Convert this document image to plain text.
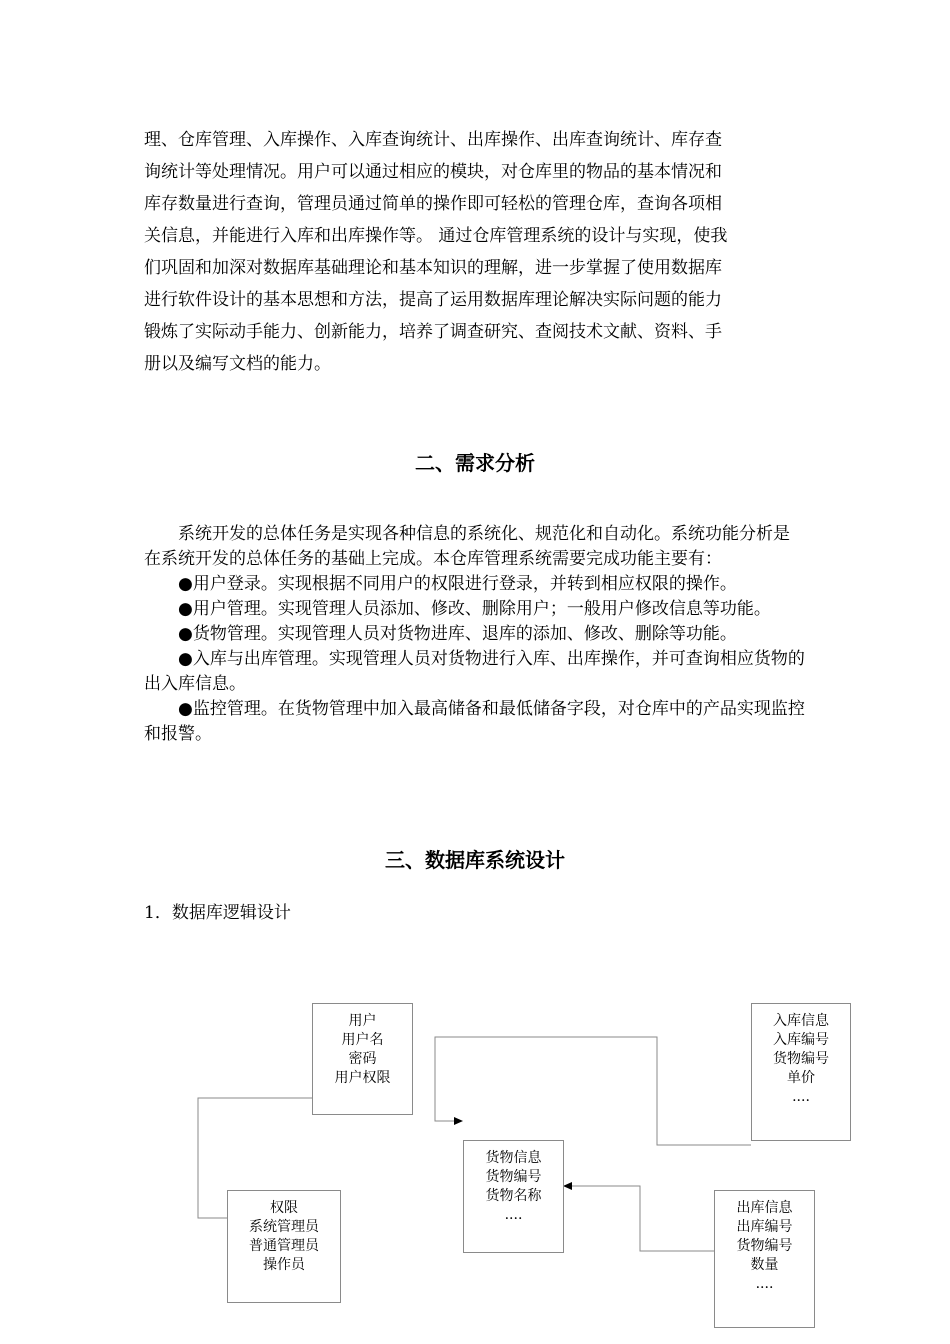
理、仓库管理、入库操作、入库查询统计、出库操作、出库查询统计、库存查
询统计等处理情况。用户可以通过相应的模块，对仓库里的物品的基本情况和
库存数量进行查询，管理员通过简单的操作即可轻松的管理仓库，查询各项相
关信息，并能进行入库和出库操作等。 通过仓库管理系统的设计与实现，使我
们巩固和加深对数据库基础理论和基本知识的理解，进一步掌握了使用数据库
进行软件设计的基本思想和方法，提高了运用数据库理论解决实际问题的能力
锻炼了实际动手能力、创新能力，培养了调查研究、查阅技术文献、资料、手
册以及编写文档的能力。
二、需求分析

系统开发的总体任务是实现各种信息的系统化、规范化和自动化。系统功能分析是在系统开发的总体任务的基础上完成。本仓库管理系统需要完成功能主要有：

●用户登录。实现根据不同用户的权限进行登录，并转到相应权限的操作。

●用户管理。实现管理人员添加、修改、删除用户；一般用户修改信息等功能。

●货物管理。实现管理人员对货物进库、退库的添加、修改、删除等功能。

●入库与出库管理。实现管理人员对货物进行入库、出库操作，并可查询相应货物的出入库信息。

●监控管理。在货物管理中加入最高储备和最低储备字段，对仓库中的产品实现监控和报警。

三、数据库系统设计
1．数据库逻辑设计
用户
用户名
密码
用户权限
权限
系统管理员
普通管理员
操作员
货物信息
货物编号
货物名称
....
入库信息
入库编号
货物编号
单价
....
出库信息
出库编号
货物编号
数量
....
